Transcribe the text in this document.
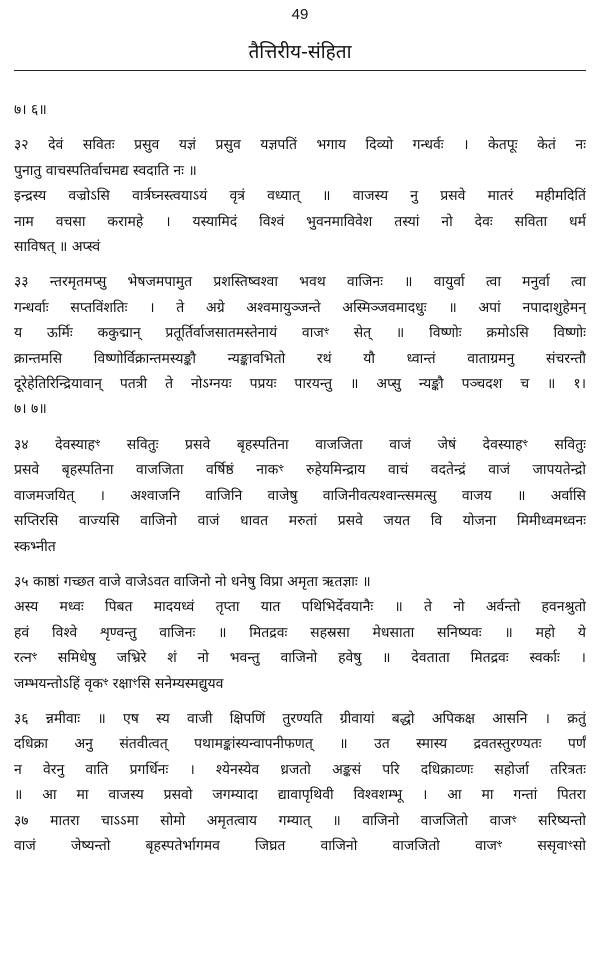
49
तैत्तिरीय-संहिता
७। ६॥
३२ देवं सवितः प्रसुव यज्ञं प्रसुव यज्ञपतिं भगाय दिव्यो गन्धर्वः । केतपूः केतं नः
पुनातु वाचस्पतिर्वाचमद्य स्वदाति नः ॥
इन्द्रस्य वज्रोऽसि वार्त्रघ्नस्त्वयाऽयं वृत्रं वध्यात् ॥ वाजस्य नु प्रसवे मातरं महीमदितिं
नाम वचसा करामहे । यस्यामिदं विश्वं भुवनमाविवेश तस्यां नो देवः सविता धर्म
साविषत् ॥ अप्स्वं
३३ न्तरमृतमप्सु भेषजमपामुत प्रशस्तिष्वश्वा भवथ वाजिनः ॥ वायुर्वा त्वा मनुर्वा त्वा
गन्धर्वाः सप्तविंशतिः । ते अग्रे अश्वमायुञ्जन्ते अस्मिञ्जवमादधुः ॥ अपां नपादाशुहेमन्
य ऊर्मिः ककुद्मान् प्रतूर्तिर्वाजसातमस्तेनायं वाजꣳ सेत् ॥ विष्णोः क्रमोऽसि विष्णोः
क्रान्तमसि विष्णोर्विक्रान्तमस्यङ्कौ न्यङ्कावभितो रथं यौ ध्वान्तं वाताग्रमनु संचरन्तौ
दूरेहेतिरिन्द्रियावान् पतत्री ते नोऽग्नयः पप्रयः पारयन्तु ॥ अप्सु न्यङ्कौ पञ्चदश च ॥ १।
७। ७॥
३४ देवस्याहꣳ सवितुः प्रसवे बृहस्पतिना वाजजिता वाजं जेषं देवस्याहꣳ सवितुः
प्रसवे बृहस्पतिना वाजजिता वर्षिष्ठं नाकꣳ रुहेयमिन्द्राय वाचं वदतेन्द्रं वाजं जापयतेन्द्रो
वाजमजयित् । अश्वाजनि वाजिनि वाजेषु वाजिनीवत्यश्वान्त्समत्सु वाजय ॥ अर्वासि
सप्तिरसि वाज्यसि वाजिनो वाजं धावत मरुतां प्रसवे जयत वि योजना मिमीध्वमध्वनः
स्कभ्नीत
३५ काष्ठां गच्छत वाजे वाजेऽवत वाजिनो नो धनेषु विप्रा अमृता ऋतज्ञाः ॥
अस्य मध्वः पिबत मादयध्वं तृप्ता यात पथिभिर्देवयानैः ॥ ते नो अर्वन्तो हवनश्रुतो
हवं विश्वे शृण्वन्तु वाजिनः ॥ मितद्रवः सहस्रसा मेधसाता सनिष्यवः ॥ महो ये
रत्नꣳ समिधेषु जभ्रिरे शं नो भवन्तु वाजिनो हवेषु ॥ देवताता मितद्रवः स्वर्काः ।
जम्भयन्तोऽहिं वृकꣳ रक्षाꣳसि सनेम्यस्मद्युयव
३६ न्नमीवाः ॥ एष स्य वाजी क्षिपणिं तुरण्यति ग्रीवायां बद्धो अपिकक्ष आसनि । क्रतुं
दधिक्रा अनु संतवीत्वत् पथामङ्कांस्यन्वापनीफणत् ॥ उत स्मास्य द्रवतस्तुरण्यतः पर्णं
न वेरनु वाति प्रगर्धिनः । श्येनस्येव ध्रजतो अङ्कसं परि दधिक्राव्णः सहोर्जा तरित्रतः
॥ आ मा वाजस्य प्रसवो जगम्यादा द्यावापृथिवी विश्वशम्भू । आ मा गन्तां पितरा
३७ मातरा चाऽऽमा सोमो अमृतत्वाय गम्यात् ॥ वाजिनो वाजजितो वाजꣳ सरिष्यन्तो
वाजं जेष्यन्तो बृहस्पतेर्भागमव जिघ्रत वाजिनो वाजजितो वाजꣳ ससृवाꣳसो
